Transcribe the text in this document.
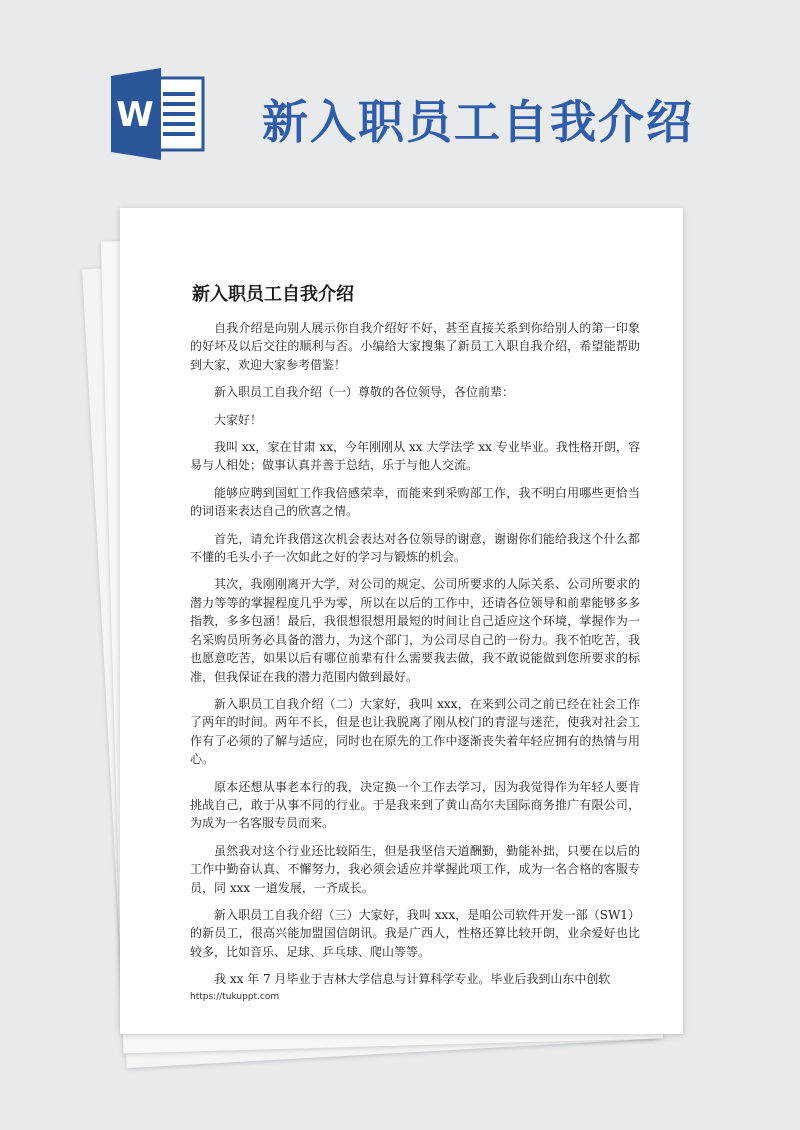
W 新入职员工自我介绍
新入职员工自我介绍

自我介绍是向别人展示你自我介绍好不好，甚至直接关系到你给别人的第一印象的好坏及以后交往的顺利与否。小编给大家搜集了新员工入职自我介绍，希望能帮助到大家，欢迎大家参考借鉴！

新入职员工自我介绍（一）尊敬的各位领导，各位前辈：

大家好！

我叫 xx，家在甘肃 xx，今年刚刚从 xx 大学法学 xx 专业毕业。我性格开朗，容易与人相处；做事认真并善于总结，乐于与他人交流。

能够应聘到国虹工作我倍感荣幸，而能来到采购部工作，我不明白用哪些更恰当的词语来表达自己的欣喜之情。

首先，请允许我借这次机会表达对各位领导的谢意，谢谢你们能给我这个什么都不懂的毛头小子一次如此之好的学习与锻炼的机会。

其次，我刚刚离开大学，对公司的规定、公司所要求的人际关系、公司所要求的潜力等等的掌握程度几乎为零，所以在以后的工作中，还请各位领导和前辈能够多多指教，多多包涵！最后，我很想很想用最短的时间让自己适应这个环境，掌握作为一名采购员所务必具备的潜力，为这个部门，为公司尽自己的一份力。我不怕吃苦，我也愿意吃苦，如果以后有哪位前辈有什么需要我去做，我不敢说能做到您所要求的标准，但我保证在我的潜力范围内做到最好。

新入职员工自我介绍（二）大家好，我叫 xxx，在来到公司之前已经在社会工作了两年的时间。两年不长，但是也让我脱离了刚从校门的青涩与迷茫，使我对社会工作有了必须的了解与适应，同时也在原先的工作中逐渐丧失着年轻应拥有的热情与用心。

原本还想从事老本行的我，决定换一个工作去学习，因为我觉得作为年轻人要肯挑战自己，敢于从事不同的行业。于是我来到了黄山高尔夫国际商务推广有限公司，为成为一名客服专员而来。

虽然我对这个行业还比较陌生，但是我坚信天道酬勤，勤能补拙，只要在以后的工作中勤奋认真、不懈努力，我必须会适应并掌握此项工作，成为一名合格的客服专员，同 xxx 一道发展，一齐成长。

新入职员工自我介绍（三）大家好，我叫 xxx，是咱公司软件开发一部（SW1）的新员工，很高兴能加盟国信朗讯。我是广西人，性格还算比较开朗，业余爱好也比较多，比如音乐、足球、乒乓球、爬山等等。

我 xx 年 7 月毕业于吉林大学信息与计算科学专业。毕业后我到山东中创软

https://tukuppt.com
